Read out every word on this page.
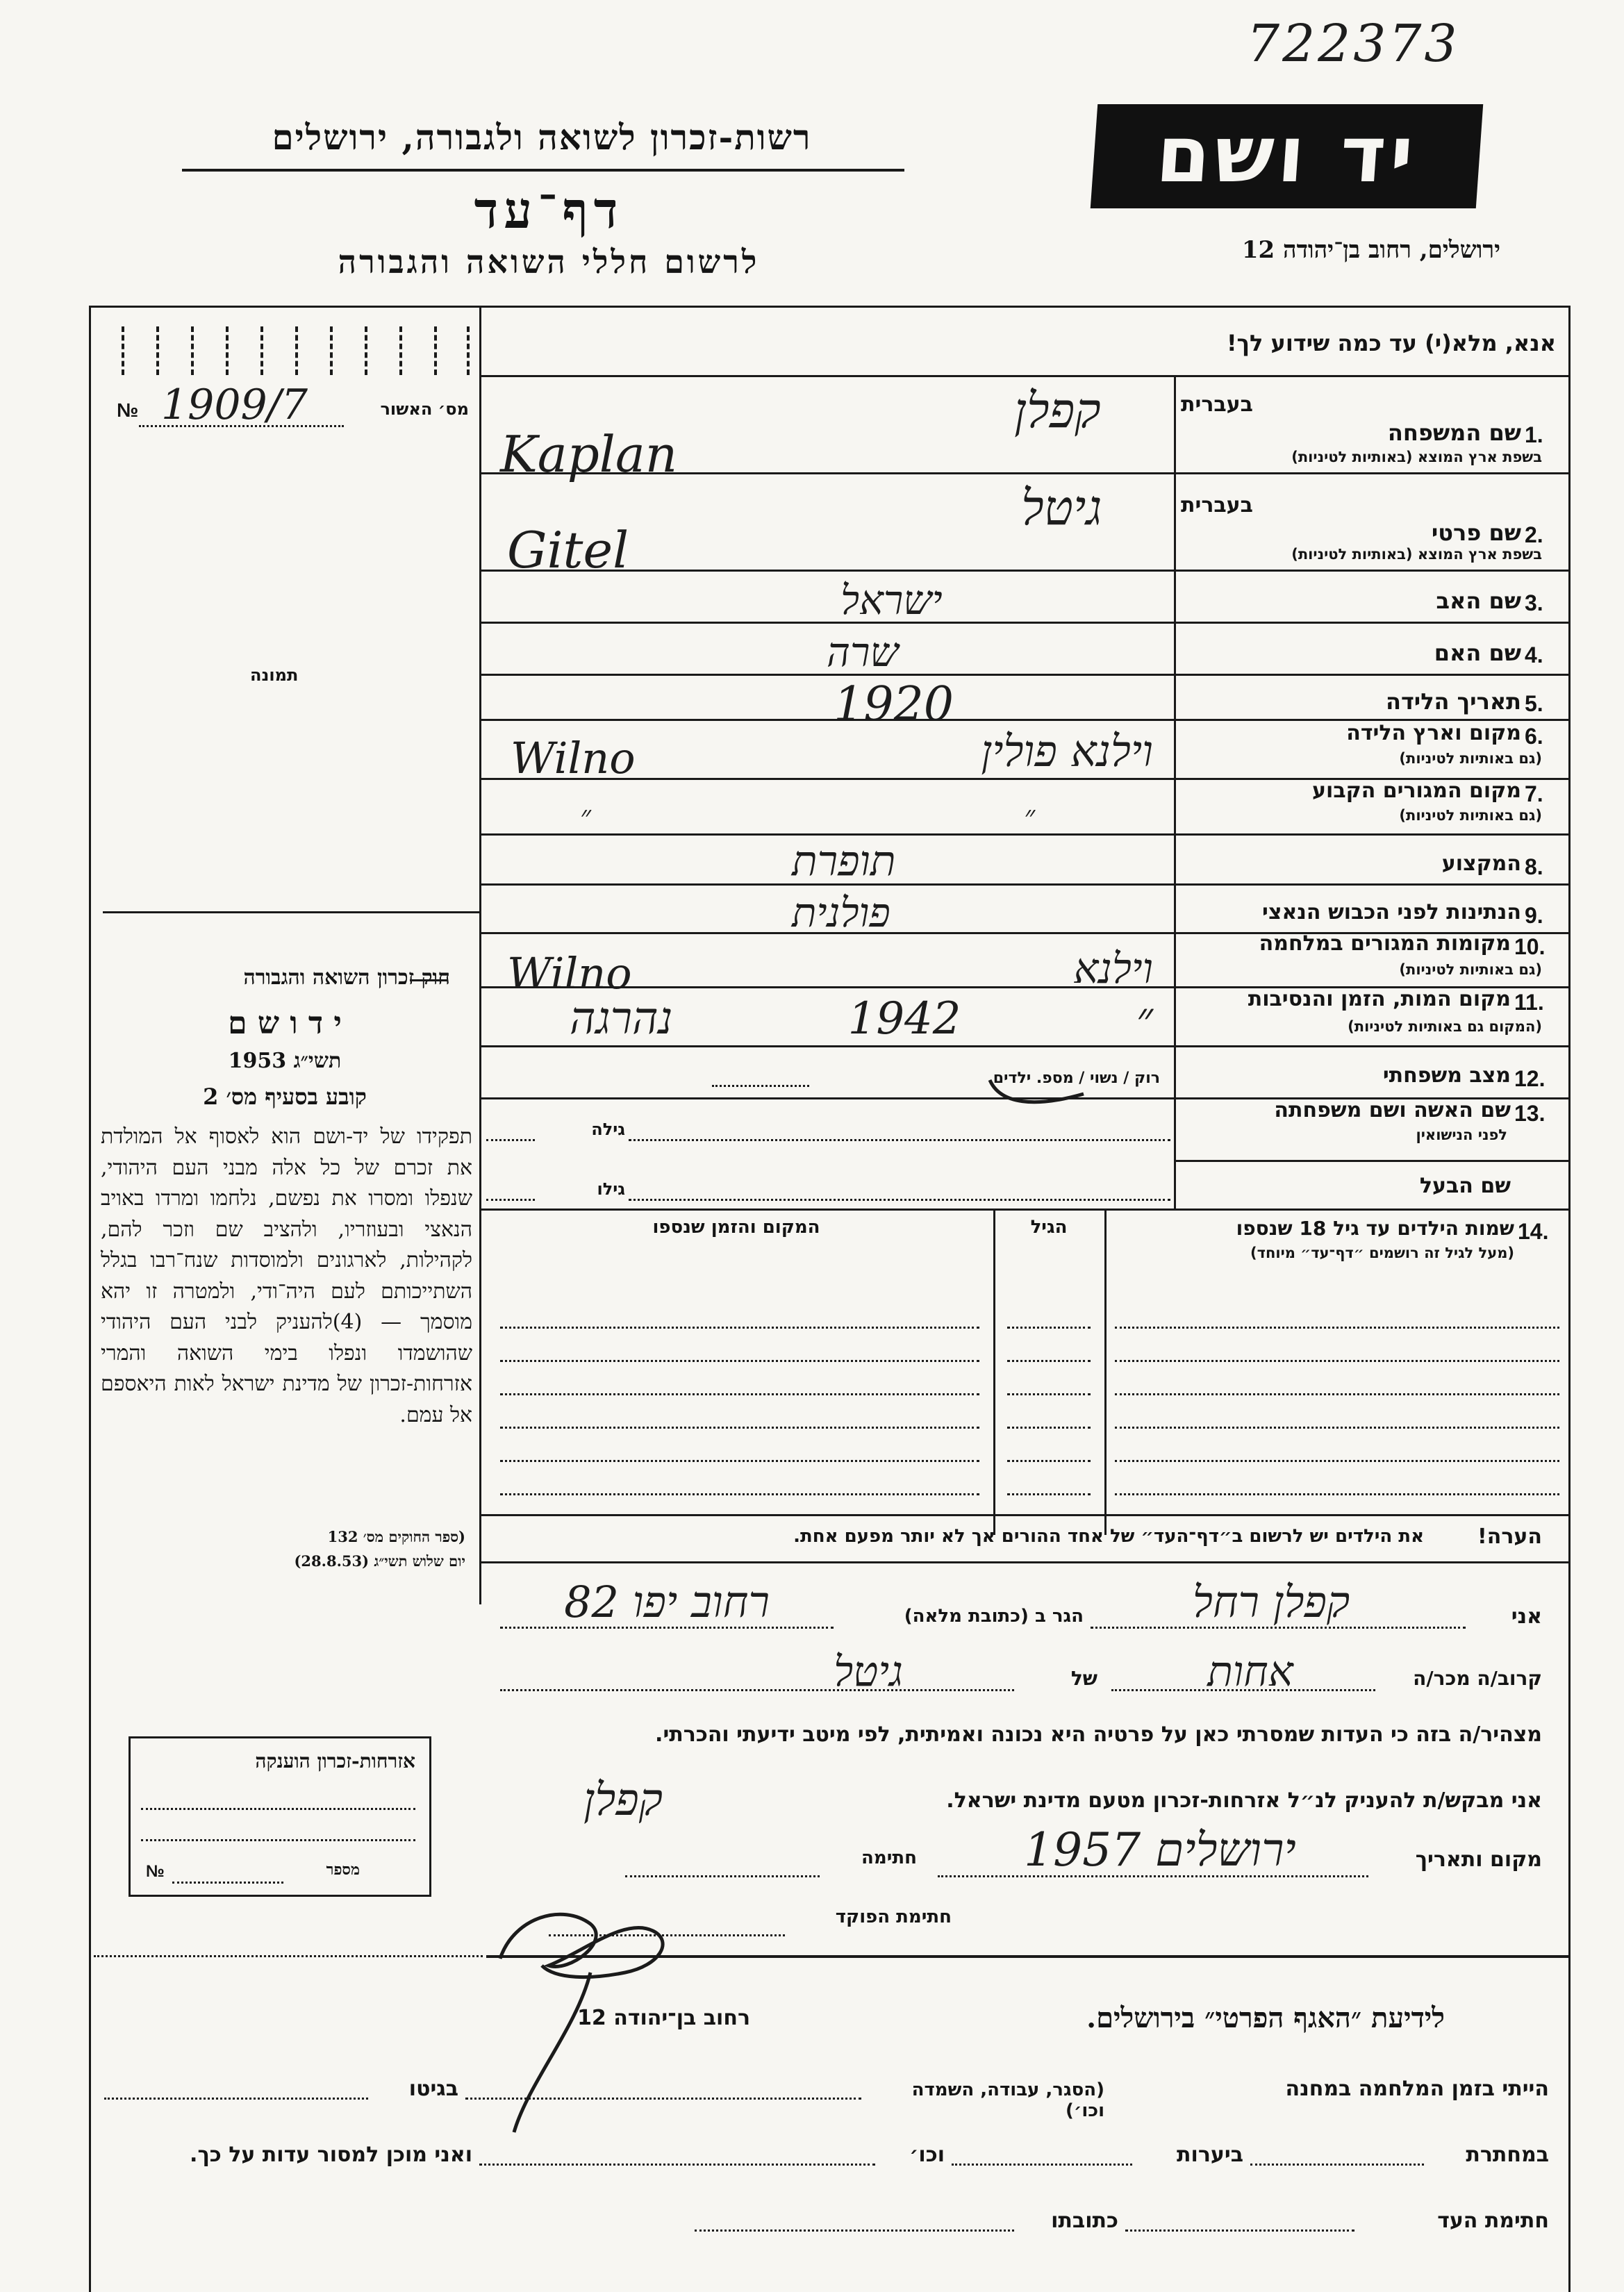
722373
רשות-זכרון לשואה ולגבורה, ירושלים
דף־עד
לרשום חללי השואה והגבורה
יד ושם
ירושלים, רחוב בן־יהודה 12
№ 1909/7	מס׳ האשור
תמונה
חוק זכרון השואה והגבורה
י ד ו ש ם
תשי״ג 1953
קובע בסעיף מס׳ 2
תפקידו של יד-ושם הוא לאסוף אל המולדת את זכרם של כל אלה מבני העם היהודי, שנפלו ומסרו את נפשם, נלחמו ומרדו באויב הנאצי ובעוזריו, ולהציב שם וזכר להם, לקהילות, לארגונים ולמוסדות שנח־רבו בגלל השתייכותם לעם היה־ודי, ולמטרה זו יהא מוסמך — (4)להעניק לבני העם היהודי שהושמדו ונפלו בימי השואה והמרי אזרחות-זכרון של מדינת ישראל לאות היאספם אל עמם.
(ספר החוקים מס׳ 132
יום שלוש תשי״ג (28.8.53)
אזרחות-זכרון הוענקה
№	מספר
אנא, מלא(י) עד כמה שידוע לך!
בעברית
1.
שם המשפחה
בשפת ארץ המוצא (באותיות לטיניות)
קפלן
Kaplan
בעברית
2.
שם פרטי
בשפת ארץ המוצא (באותיות לטיניות)
גיטל
Gitel
3.
שם האב
ישראל
4.
שם האם
שרה
5.
תאריך הלידה
1920
6.
מקום וארץ הלידה
(גם באותיות לטיניות)
וילנא פולין
Wilno
7.
מקום המגורים הקבוע
(גם באותיות לטיניות)
״ ״
8.
המקצוע
תופרת
9.
הנתינות לפני הכבוש הנאצי
פולנית
10.
מקומות המגורים במלחמה
(גם באותיות לטיניות)
וילנא
Wilno
11.
מקום המות, הזמן והנסיבות
(המקום גם באותיות לטיניות)
״ 1942 נהרגה
12.
מצב משפחתי
רוק / נשוי / מספ. ילדים
13.
שם האשה ושם משפחתה
לפני הנישואין
גילה
שם הבעל
גילו
14.
שמות הילדים עד גיל 18 שנספו
(מעל לגיל זה רושמים ״דף־עד״ מיוחד)
הגיל
המקום והזמן שנספו
הערה!
את הילדים יש לרשום ב״דף־העד״ של אחד ההורים אך לא יותר מפעם אחת.
אני
קפלן רחל
הגר ב (כתובת מלאה)
רחוב יפו 82
קרוב/ה מכר/ה
אחות
של
גיטל
מצהיר/ה בזה כי העדות שמסרתי כאן על פרטיה היא נכונה ואמיתית, לפי מיטב ידיעתי והכרתי.
אני מבקש/ת להעניק לנ״ל אזרחות-זכרון מטעם מדינת ישראל.
קפלן
מקום ותאריך
ירושלים 1957
חתימה
חתימת הפוקד
לידיעת ״האגף הפרטי״ בירושלים.
רחוב בן־יהודה 12
הייתי בזמן המלחמה במחנה
(הסגר, עבודה, השמדה וכו׳)
בגיטו
במחתרת
ביערות
וכו׳
ואני מוכן למסור עדות על כך.
חתימת העד
כתובתו
